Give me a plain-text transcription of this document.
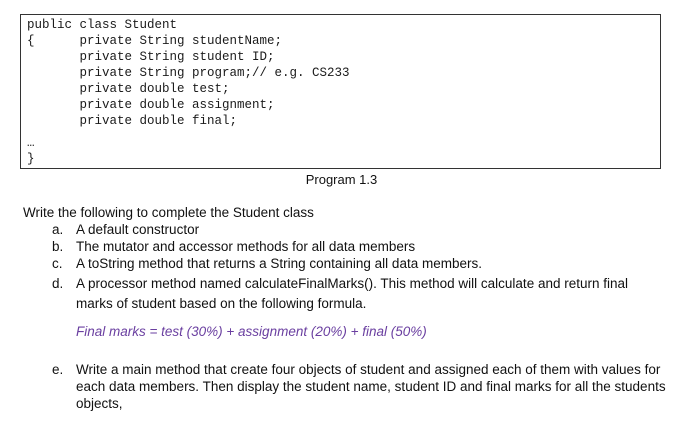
public class Student
{      private String studentName;
private String student ID;
private String program;// e.g. CS233
private double test;
private double assignment;
private double final;
…
}
Program 1.3
Write the following to complete the Student class
a. A default constructor
b. The mutator and accessor methods for all data members
c. A toString method that returns a String containing all data members.
d. A processor method named calculateFinalMarks(). This method will calculate and return final marks of student based on the following formula.
Final marks = test (30%) + assignment (20%) + final (50%)
e. Write a main method that create four objects of student and assigned each of them with values for each data members. Then display the student name, student ID and final marks for all the students objects,
